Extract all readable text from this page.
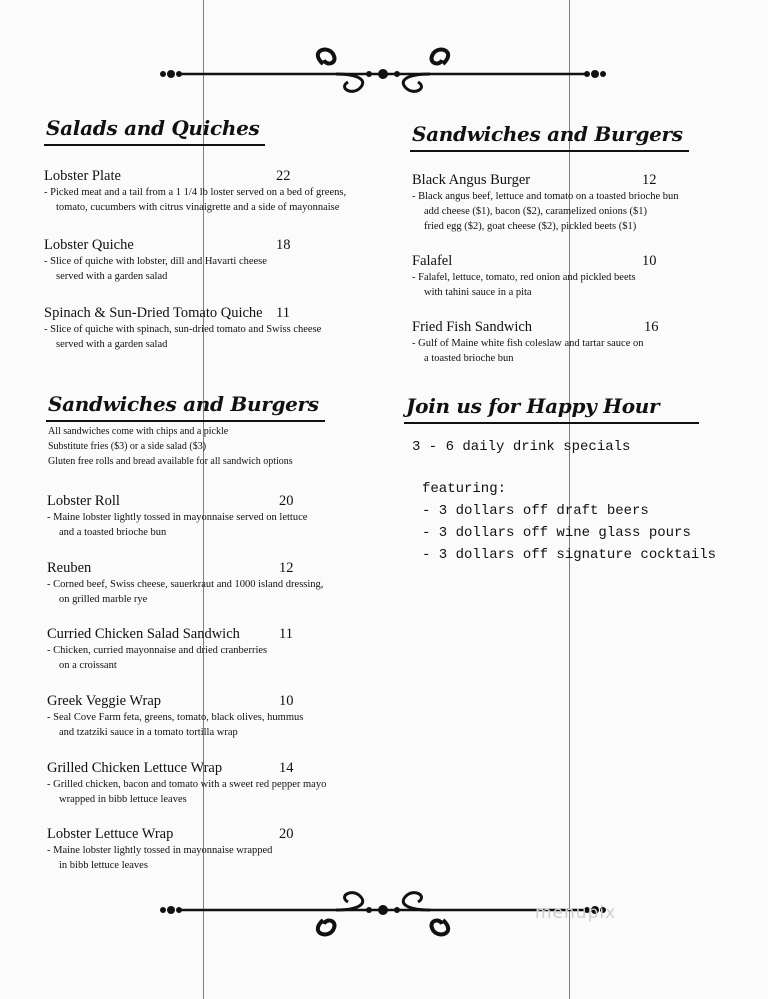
Salads and Quiches
Lobster Plate	22
- Picked meat and a tail from a 1 1/4 lb loster served on a bed of greens,
tomato, cucumbers with citrus vinaigrette and a side of mayonnaise
Lobster Quiche	18
- Slice of quiche with lobster, dill and Havarti cheese
served with a garden salad
Spinach & Sun-Dried Tomato Quiche 11
- Slice of quiche with spinach, sun-dried tomato and Swiss cheese
served with a garden salad
Sandwiches and Burgers
All sandwiches come with chips and a pickle
Substitute fries ($3) or a side salad ($3)
Gluten free rolls and bread available for all sandwich options
Lobster Roll	20
- Maine lobster lightly tossed in mayonnaise served on lettuce
and a toasted brioche bun
Reuben	12
- Corned beef, Swiss cheese, sauerkraut and 1000 island dressing,
on grilled marble rye
Curried Chicken Salad Sandwich	11
- Chicken, curried mayonnaise and dried cranberries
on a croissant
Greek Veggie Wrap	10
- Seal Cove Farm feta, greens, tomato, black olives, hummus
and tzatziki sauce in a tomato tortilla wrap
Grilled Chicken Lettuce Wrap	14
- Grilled chicken, bacon and tomato with a sweet red pepper mayo
wrapped in bibb lettuce leaves
Lobster Lettuce Wrap	20
- Maine lobster lightly tossed in mayonnaise wrapped
in bibb lettuce leaves
Sandwiches and Burgers
Black Angus Burger	12
- Black angus beef, lettuce and tomato on a toasted brioche bun
add cheese ($1), bacon ($2), caramelized onions ($1)
fried egg ($2), goat cheese ($2), pickled beets ($1)
Falafel	10
- Falafel, lettuce, tomato, red onion and pickled beets
with tahini sauce in a pita
Fried Fish Sandwich	16
- Gulf of Maine white fish coleslaw and tartar sauce on
a toasted brioche bun
Join us for Happy Hour
3 - 6 daily drink specials
featuring:
- 3 dollars off draft beers
- 3 dollars off wine glass pours
- 3 dollars off signature cocktails
menupix
